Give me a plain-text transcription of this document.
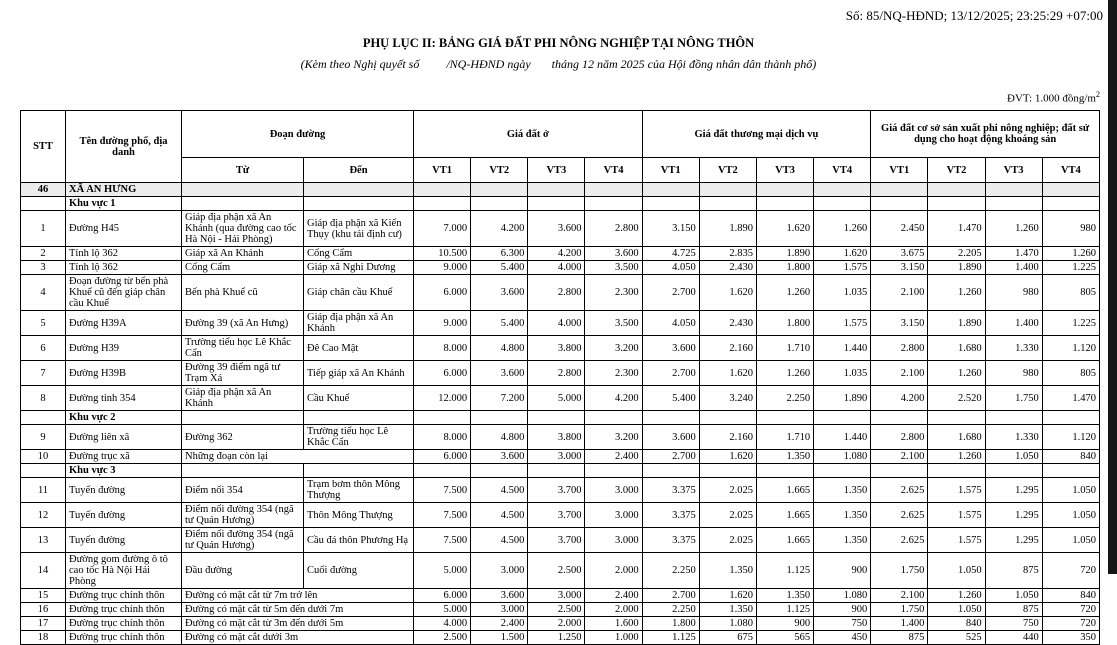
Số: 85/NQ-HĐND; 13/12/2025; 23:25:29 +07:00
PHỤ LỤC II: BẢNG GIÁ ĐẤT PHI NÔNG NGHIỆP TẠI NÔNG THÔN
(Kèm theo Nghị quyết số         /NQ-HĐND ngày       tháng 12 năm 2025 của Hội đồng nhân dân thành phố)
ĐVT: 1.000 đồng/$m^2$
STT	Tên đường phố, địa danh	Đoạn đường		Giá đất ở				Giá đất thương mại dịch vụ				Giá đất cơ sở sản xuất phi nông nghiệp; đất sử dụng cho hoạt động khoáng sản			
		Từ	Đến	VT1	VT2	VT3	VT4	VT1	VT2	VT3	VT4	VT1	VT2	VT3	VT4
46	XÃ AN HƯNG														
	Khu vực 1														
1	Đường H45	Giáp địa phận xã An Khánh (qua đường cao tốc Hà Nội - Hải Phòng)	Giáp địa phận xã Kiến Thụy (khu tái định cư)	7.000	4.200	3.600	2.800	3.150	1.890	1.620	1.260	2.450	1.470	1.260	980
2	Tỉnh lộ 362	Giáp xã An Khánh	Cống Cẩm	10.500	6.300	4.200	3.600	4.725	2.835	1.890	1.620	3.675	2.205	1.470	1.260
3	Tỉnh lộ 362	Cống Cẩm	Giáp xã Nghi Dương	9.000	5.400	4.000	3.500	4.050	2.430	1.800	1.575	3.150	1.890	1.400	1.225
4	Đoạn đường từ bến phà Khuể cũ đến giáp chân cầu Khuể	Bến phà Khuể cũ	Giáp chân cầu Khuể	6.000	3.600	2.800	2.300	2.700	1.620	1.260	1.035	2.100	1.260	980	805
5	Đường H39A	Đường 39 (xã An Hưng)	Giáp địa phận xã An Khánh	9.000	5.400	4.000	3.500	4.050	2.430	1.800	1.575	3.150	1.890	1.400	1.225
6	Đường H39	Trường tiểu học Lê Khắc Cẩn	Đê Cao Mật	8.000	4.800	3.800	3.200	3.600	2.160	1.710	1.440	2.800	1.680	1.330	1.120
7	Đường H39B	Đường 39 điểm ngã tư Trạm Xá	Tiếp giáp xã An Khánh	6.000	3.600	2.800	2.300	2.700	1.620	1.260	1.035	2.100	1.260	980	805
8	Đường tỉnh 354	Giáp địa phận xã An Khánh	Cầu Khuể	12.000	7.200	5.000	4.200	5.400	3.240	2.250	1.890	4.200	2.520	1.750	1.470
	Khu vực 2														
9	Đường liên xã	Đường 362	Trường tiểu học Lê Khắc Cẩn	8.000	4.800	3.800	3.200	3.600	2.160	1.710	1.440	2.800	1.680	1.330	1.120
10	Đường trục xã	Những đoạn còn lại		6.000	3.600	3.000	2.400	2.700	1.620	1.350	1.080	2.100	1.260	1.050	840
	Khu vực 3														
11	Tuyến đường	Điểm nối 354	Trạm bơm thôn Mông Thượng	7.500	4.500	3.700	3.000	3.375	2.025	1.665	1.350	2.625	1.575	1.295	1.050
12	Tuyến đường	Điểm nối đường 354 (ngã tư Quán Hương)	Thôn Mông Thượng	7.500	4.500	3.700	3.000	3.375	2.025	1.665	1.350	2.625	1.575	1.295	1.050
13	Tuyến đường	Điểm nối đường 354 (ngã tư Quán Hương)	Cầu đá thôn Phương Hạ	7.500	4.500	3.700	3.000	3.375	2.025	1.665	1.350	2.625	1.575	1.295	1.050
14	Đường gom đường ô tô cao tốc Hà Nội Hải Phòng	Đầu đường	Cuối đường	5.000	3.000	2.500	2.000	2.250	1.350	1.125	900	1.750	1.050	875	720
15	Đường trục chính thôn	Đường có mặt cắt từ 7m trở lên		6.000	3.600	3.000	2.400	2.700	1.620	1.350	1.080	2.100	1.260	1.050	840
16	Đường trục chính thôn	Đường có mặt cắt từ 5m đến dưới 7m		5.000	3.000	2.500	2.000	2.250	1.350	1.125	900	1.750	1.050	875	720
17	Đường trục chính thôn	Đường có mặt cắt từ 3m đến dưới 5m		4.000	2.400	2.000	1.600	1.800	1.080	900	750	1.400	840	750	720
18	Đường trục chính thôn	Đường có mặt cắt dưới 3m		2.500	1.500	1.250	1.000	1.125	675	565	450	875	525	440	350
